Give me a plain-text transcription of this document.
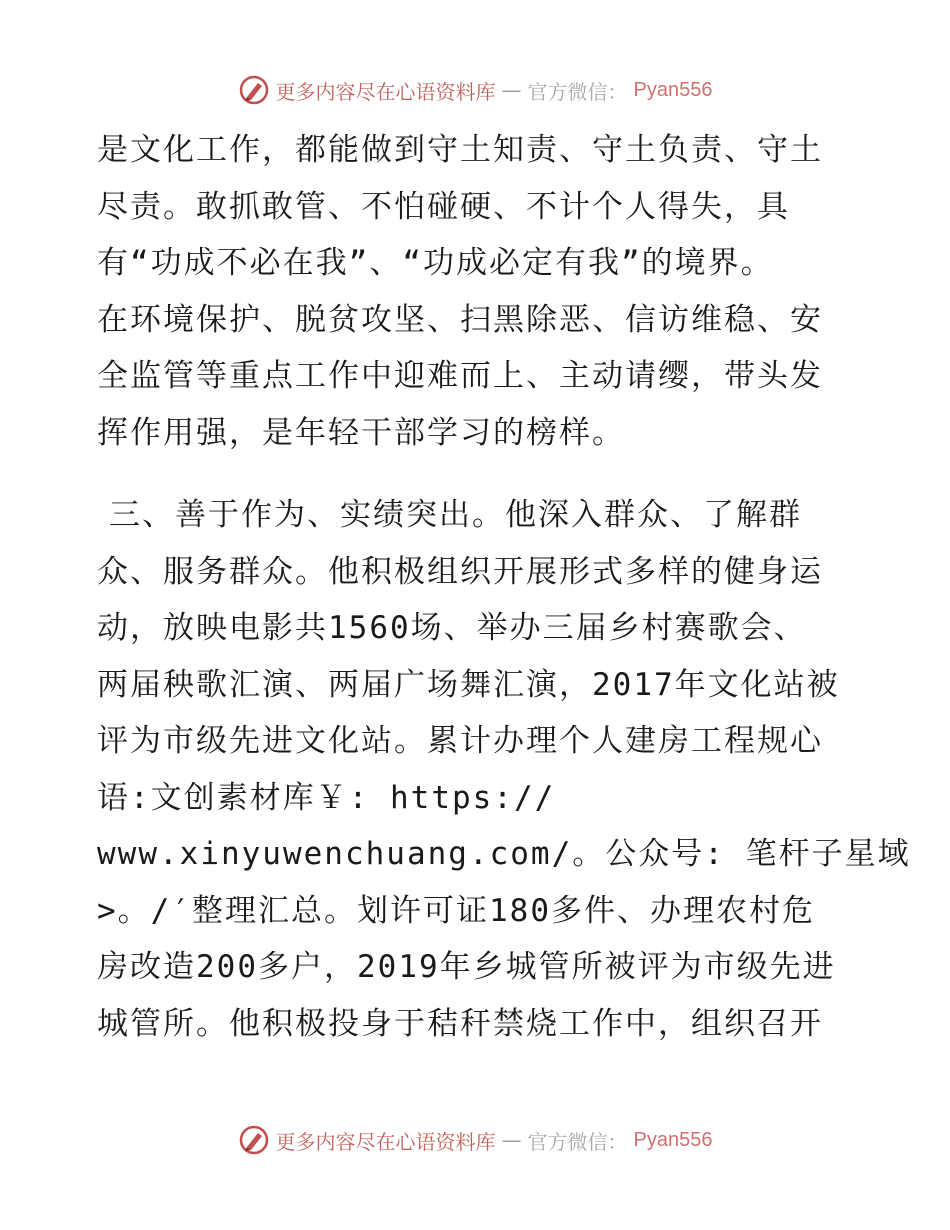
更多内容尽在心语资料库 — 官方微信： Pyan556
是文化工作，都能做到守土知责、守土负责、守土
尽责。敢抓敢管、不怕碰硬、不计个人得失，具
有“功成不必在我”、“功成必定有我”的境界。
在环境保护、脱贫攻坚、扫黑除恶、信访维稳、安
全监管等重点工作中迎难而上、主动请缨，带头发
挥作用强，是年轻干部学习的榜样。
三、善于作为、实绩突出。他深入群众、了解群
众、服务群众。他积极组织开展形式多样的健身运
动，放映电影共1560场、举办三届乡村赛歌会、
两届秧歌汇演、两届广场舞汇演，2017年文化站被
评为市级先进文化站。累计办理个人建房工程规心
语:文创素材库￥: https://
www.xinyuwenchuang.com/。公众号: 笔杆子星域
>。/′整理汇总。划许可证180多件、办理农村危
房改造200多户，2019年乡城管所被评为市级先进
城管所。他积极投身于秸秆禁烧工作中，组织召开
更多内容尽在心语资料库 — 官方微信： Pyan556
